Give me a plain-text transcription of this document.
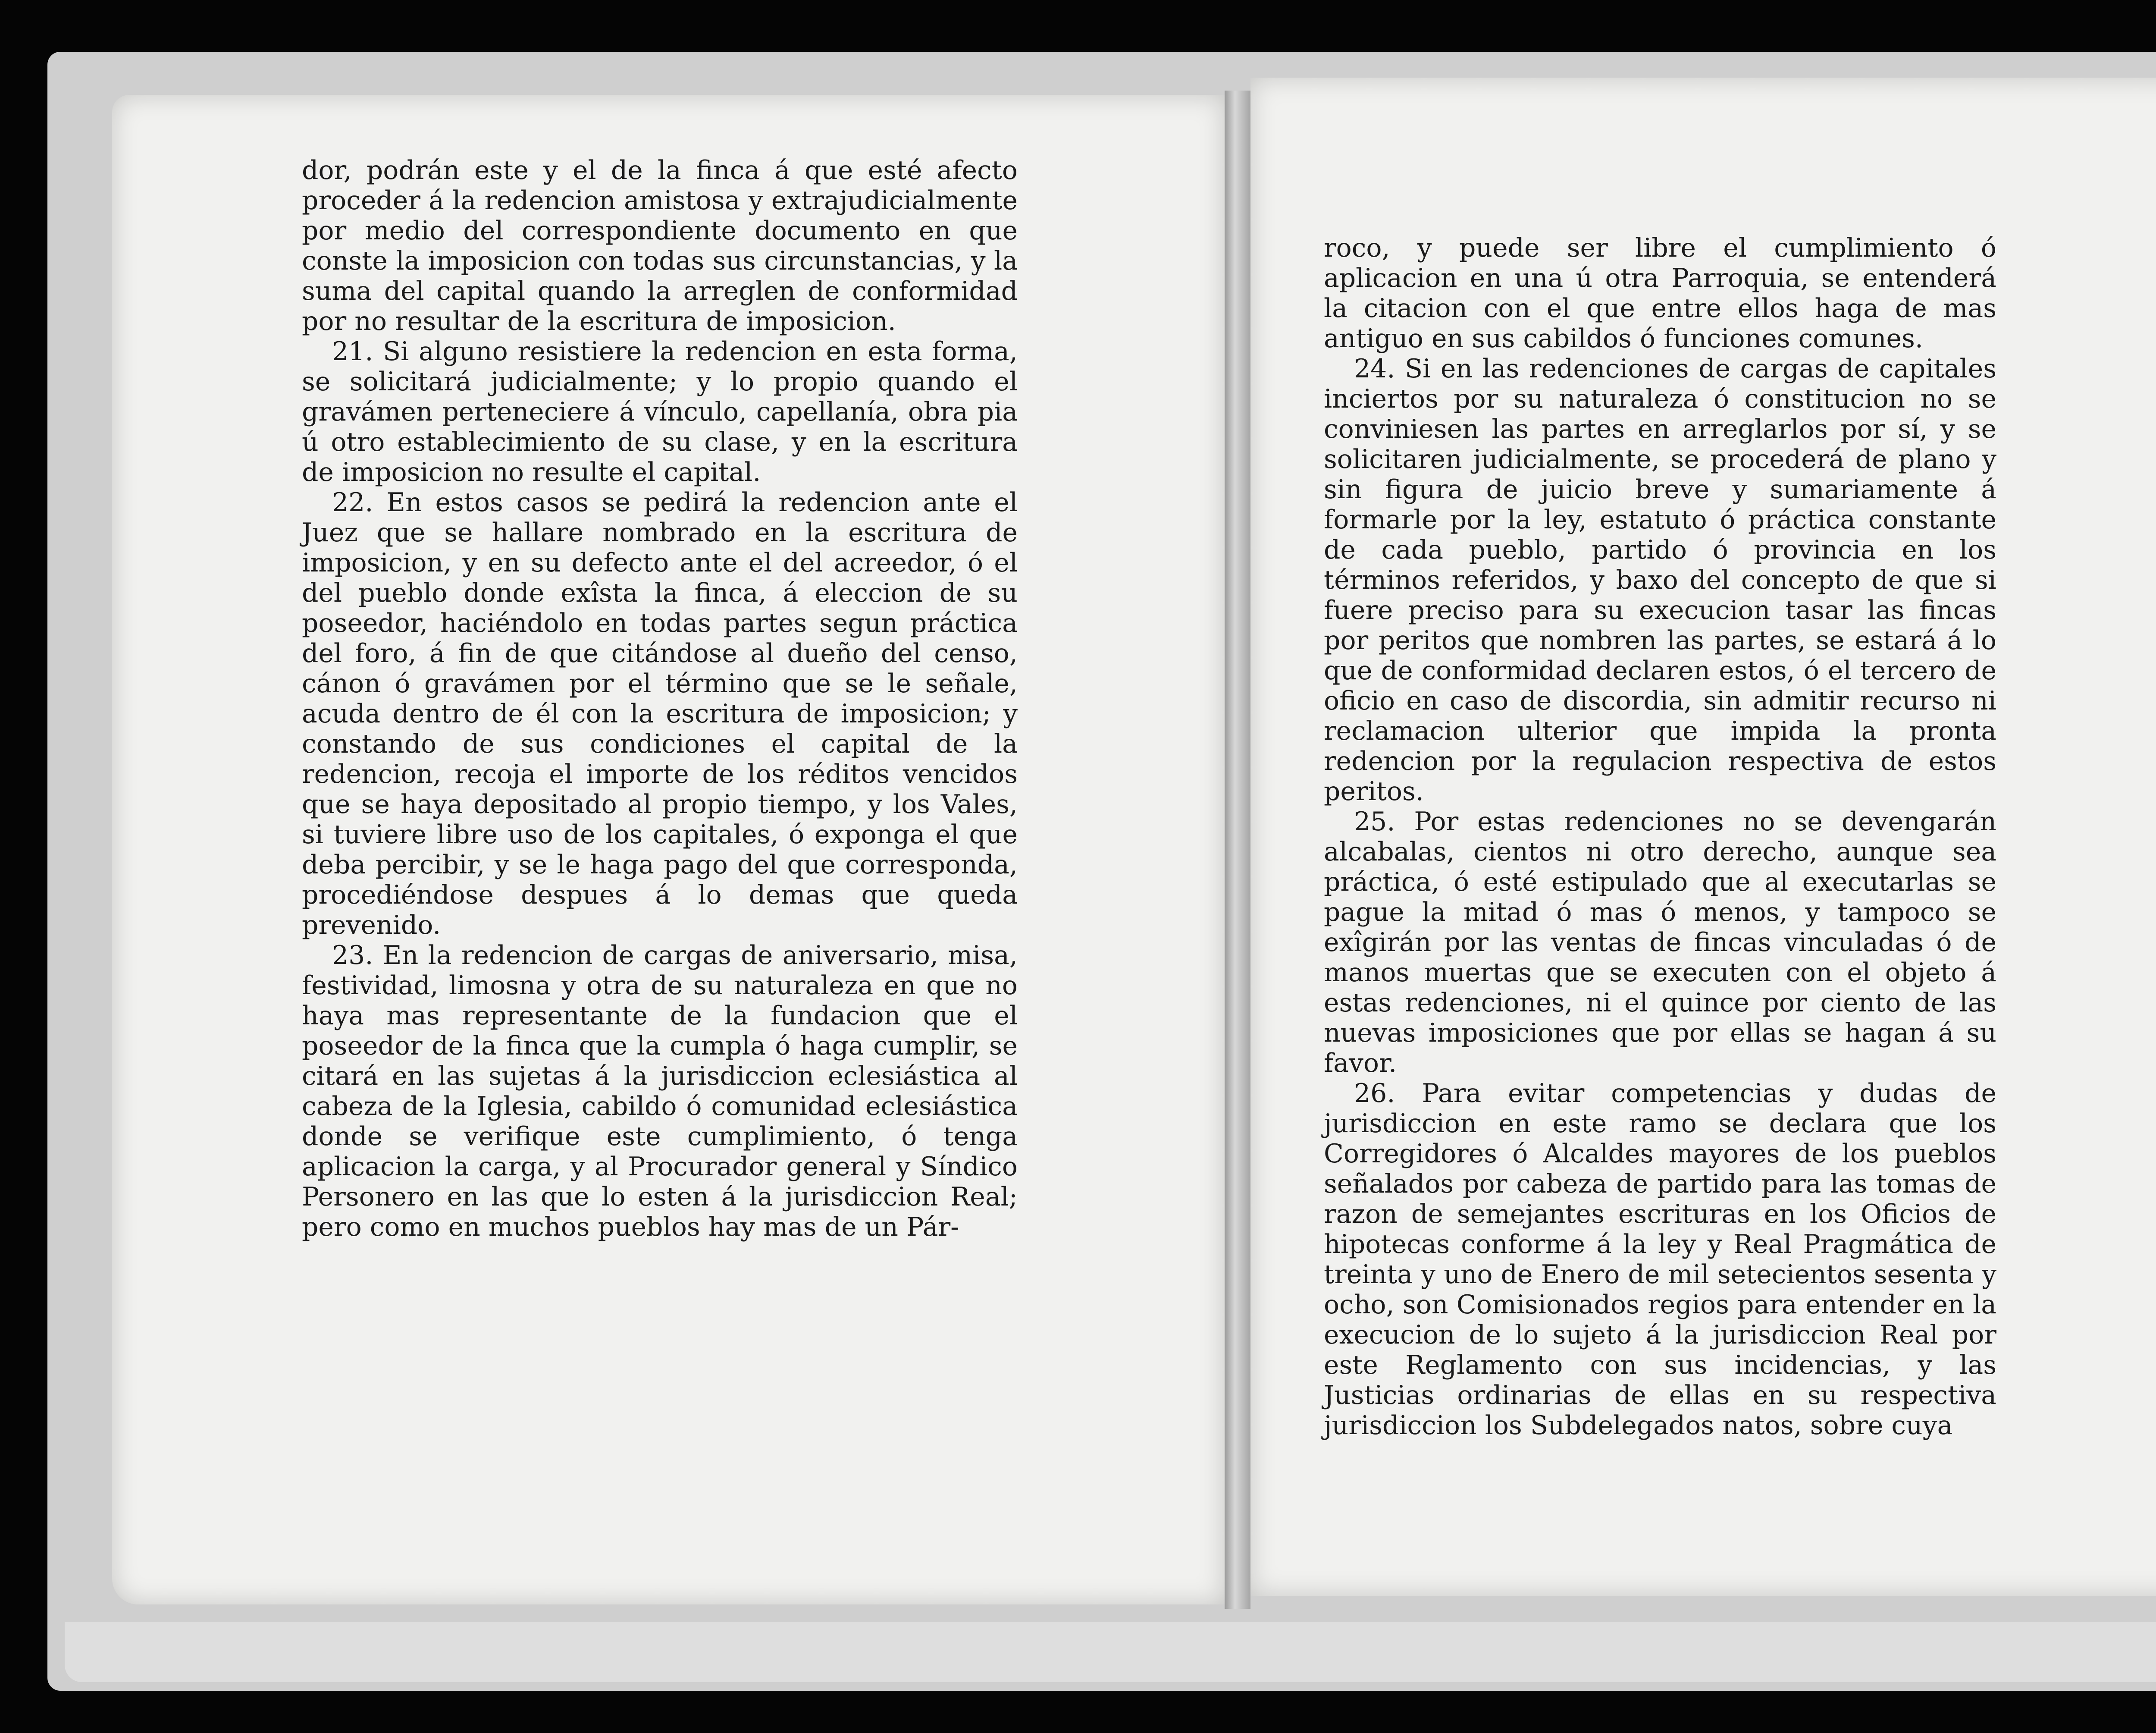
dor, podrán este y el de la finca á que esté afecto proceder á la redencion amistosa y extrajudicialmente por medio del correspondiente documento en que conste la imposicion con todas sus circunstancias, y la suma del capital quando la arreglen de conformidad por no resultar de la escritura de imposicion.

21. Si alguno resistiere la redencion en esta forma, se solicitará judicialmente; y lo propio quando el gravámen perteneciere á vínculo, capellanía, obra pia ú otro establecimiento de su clase, y en la escritura de imposicion no resulte el capital.

22. En estos casos se pedirá la redencion ante el Juez que se hallare nombrado en la escritura de imposicion, y en su defecto ante el del acreedor, ó el del pueblo donde exîsta la finca, á eleccion de su poseedor, haciéndolo en todas partes segun práctica del foro, á fin de que citándose al dueño del censo, cánon ó gravámen por el término que se le señale, acuda dentro de él con la escritura de imposicion; y constando de sus condiciones el capital de la redencion, recoja el importe de los réditos vencidos que se haya depositado al propio tiempo, y los Vales, si tuviere libre uso de los capitales, ó exponga el que deba percibir, y se le haga pago del que corresponda, procediéndose despues á lo demas que queda prevenido.

23. En la redencion de cargas de aniversario, misa, festividad, limosna y otra de su naturaleza en que no haya mas representante de la fundacion que el poseedor de la finca que la cumpla ó haga cumplir, se citará en las sujetas á la jurisdiccion eclesiástica al cabeza de la Iglesia, cabildo ó comunidad eclesiástica donde se verifique este cumplimiento, ó tenga aplicacion la carga, y al Procurador general y Síndico Personero en las que lo esten á la jurisdiccion Real; pero como en muchos pueblos hay mas de un Pár-

roco, y puede ser libre el cumplimiento ó aplicacion en una ú otra Parroquia, se entenderá la citacion con el que entre ellos haga de mas antiguo en sus cabildos ó funciones comunes.

24. Si en las redenciones de cargas de capitales inciertos por su naturaleza ó constitucion no se conviniesen las partes en arreglarlos por sí, y se solicitaren judicialmente, se procederá de plano y sin figura de juicio breve y sumariamente á formarle por la ley, estatuto ó práctica constante de cada pueblo, partido ó provincia en los términos referidos, y baxo del concepto de que si fuere preciso para su execucion tasar las fincas por peritos que nombren las partes, se estará á lo que de conformidad declaren estos, ó el tercero de oficio en caso de discordia, sin admitir recurso ni reclamacion ulterior que impida la pronta redencion por la regulacion respectiva de estos peritos.

25. Por estas redenciones no se devengarán alcabalas, cientos ni otro derecho, aunque sea práctica, ó esté estipulado que al executarlas se pague la mitad ó mas ó menos, y tampoco se exîgirán por las ventas de fincas vinculadas ó de manos muertas que se executen con el objeto á estas redenciones, ni el quince por ciento de las nuevas imposiciones que por ellas se hagan á su favor.

26. Para evitar competencias y dudas de jurisdiccion en este ramo se declara que los Corregidores ó Alcaldes mayores de los pueblos señalados por cabeza de partido para las tomas de razon de semejantes escrituras en los Oficios de hipotecas conforme á la ley y Real Pragmática de treinta y uno de Enero de mil setecientos sesenta y ocho, son Comisionados regios para entender en la execucion de lo sujeto á la jurisdiccion Real por este Reglamento con sus incidencias, y las Justicias ordinarias de ellas en su respectiva jurisdiccion los Subdelegados natos, sobre cuya
